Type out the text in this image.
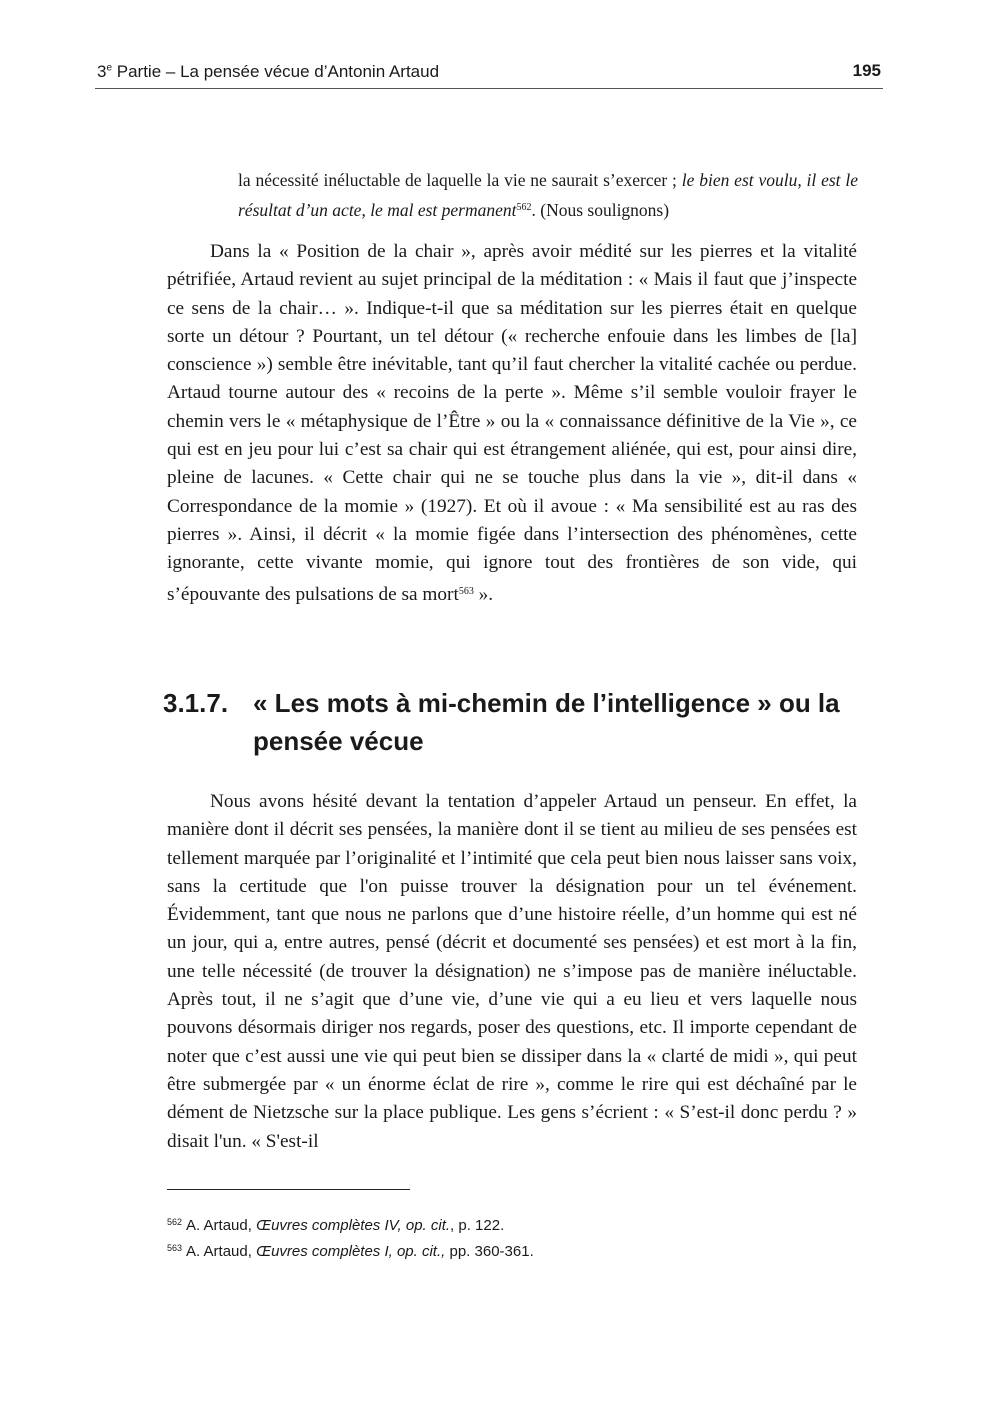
3e Partie – La pensée vécue d’Antonin Artaud	195
la nécessité inéluctable de laquelle la vie ne saurait s’exercer ; le bien est voulu, il est le résultat d’un acte, le mal est permanent$^{562}$. (Nous soulignons)
Dans la « Position de la chair », après avoir médité sur les pierres et la vitalité pétrifiée, Artaud revient au sujet principal de la méditation : « Mais il faut que j’inspecte ce sens de la chair… ». Indique-t-il que sa méditation sur les pierres était en quelque sorte un détour ? Pourtant, un tel détour (« recherche enfouie dans les limbes de [la] conscience ») semble être inévitable, tant qu’il faut chercher la vitalité cachée ou perdue. Artaud tourne autour des « recoins de la perte ». Même s’il semble vouloir frayer le chemin vers le « métaphysique de l’Être » ou la « connaissance définitive de la Vie », ce qui est en jeu pour lui c’est sa chair qui est étrangement aliénée, qui est, pour ainsi dire, pleine de lacunes. « Cette chair qui ne se touche plus dans la vie », dit-il dans « Correspondance de la momie » (1927). Et où il avoue : « Ma sensibilité est au ras des pierres ». Ainsi, il décrit « la momie figée dans l’intersection des phénomènes, cette ignorante, cette vivante momie, qui ignore tout des frontières de son vide, qui s’épouvante des pulsations de sa mort$^{563}$ ».
3.1.7. « Les mots à mi-chemin de l’intelligence » ou la
pensée vécue
Nous avons hésité devant la tentation d’appeler Artaud un penseur. En effet, la manière dont il décrit ses pensées, la manière dont il se tient au milieu de ses pensées est tellement marquée par l’originalité et l’intimité que cela peut bien nous laisser sans voix, sans la certitude que l'on puisse trouver la désignation pour un tel événement. Évidemment, tant que nous ne parlons que d’une histoire réelle, d’un homme qui est né un jour, qui a, entre autres, pensé (décrit et documenté ses pensées) et est mort à la fin, une telle nécessité (de trouver la désignation) ne s’impose pas de manière inéluctable. Après tout, il ne s’agit que d’une vie, d’une vie qui a eu lieu et vers laquelle nous pouvons désormais diriger nos regards, poser des questions, etc. Il importe cependant de noter que c’est aussi une vie qui peut bien se dissiper dans la « clarté de midi », qui peut être submergée par « un énorme éclat de rire », comme le rire qui est déchaîné par le dément de Nietzsche sur la place publique. Les gens s’écrient : « S’est-il donc perdu ? » disait l'un. « S'est-il
$^{562}$ A. Artaud, Œuvres complètes IV, op. cit., p. 122.
$^{563}$ A. Artaud, Œuvres complètes I, op. cit., pp. 360-361.
